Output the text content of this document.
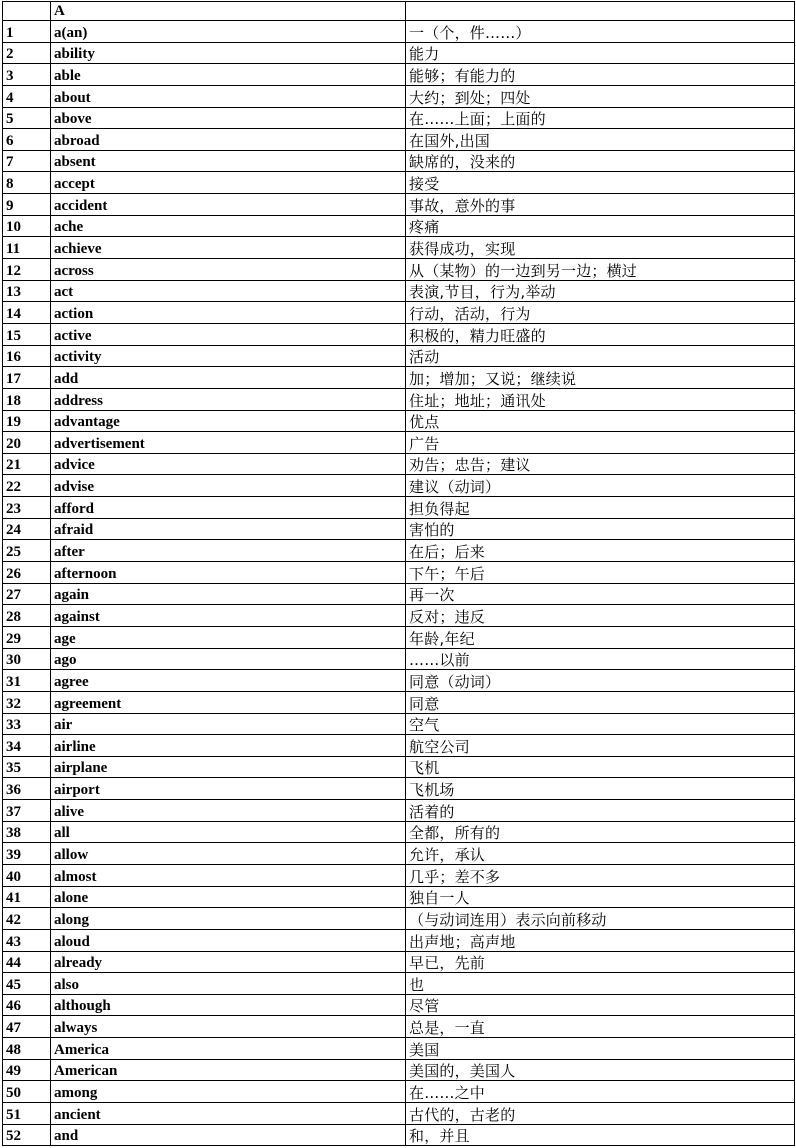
	A	
1	a(an)	一（个，件……）
2	ability	能力
3	able	能够；有能力的
4	about	大约；到处；四处
5	above	在……上面；上面的
6	abroad	在国外,出国
7	absent	缺席的，没来的
8	accept	接受
9	accident	事故，意外的事
10	ache	疼痛
11	achieve	获得成功，实现
12	across	从（某物）的一边到另一边；横过
13	act	表演,节目，行为,举动
14	action	行动，活动，行为
15	active	积极的，精力旺盛的
16	activity	活动
17	add	加；增加；又说；继续说
18	address	住址；地址；通讯处
19	advantage	优点
20	advertisement	广告
21	advice	劝告；忠告；建议
22	advise	建议（动词）
23	afford	担负得起
24	afraid	害怕的
25	after	在后；后来
26	afternoon	下午；午后
27	again	再一次
28	against	反对；违反
29	age	年龄,年纪
30	ago	……以前
31	agree	同意（动词）
32	agreement	同意
33	air	空气
34	airline	航空公司
35	airplane	飞机
36	airport	飞机场
37	alive	活着的
38	all	全都，所有的
39	allow	允许，承认
40	almost	几乎；差不多
41	alone	独自一人
42	along	（与动词连用）表示向前移动
43	aloud	出声地；高声地
44	already	早已，先前
45	also	也
46	although	尽管
47	always	总是，一直
48	America	美国
49	American	美国的，美国人
50	among	在……之中
51	ancient	古代的，古老的
52	and	和，并且
